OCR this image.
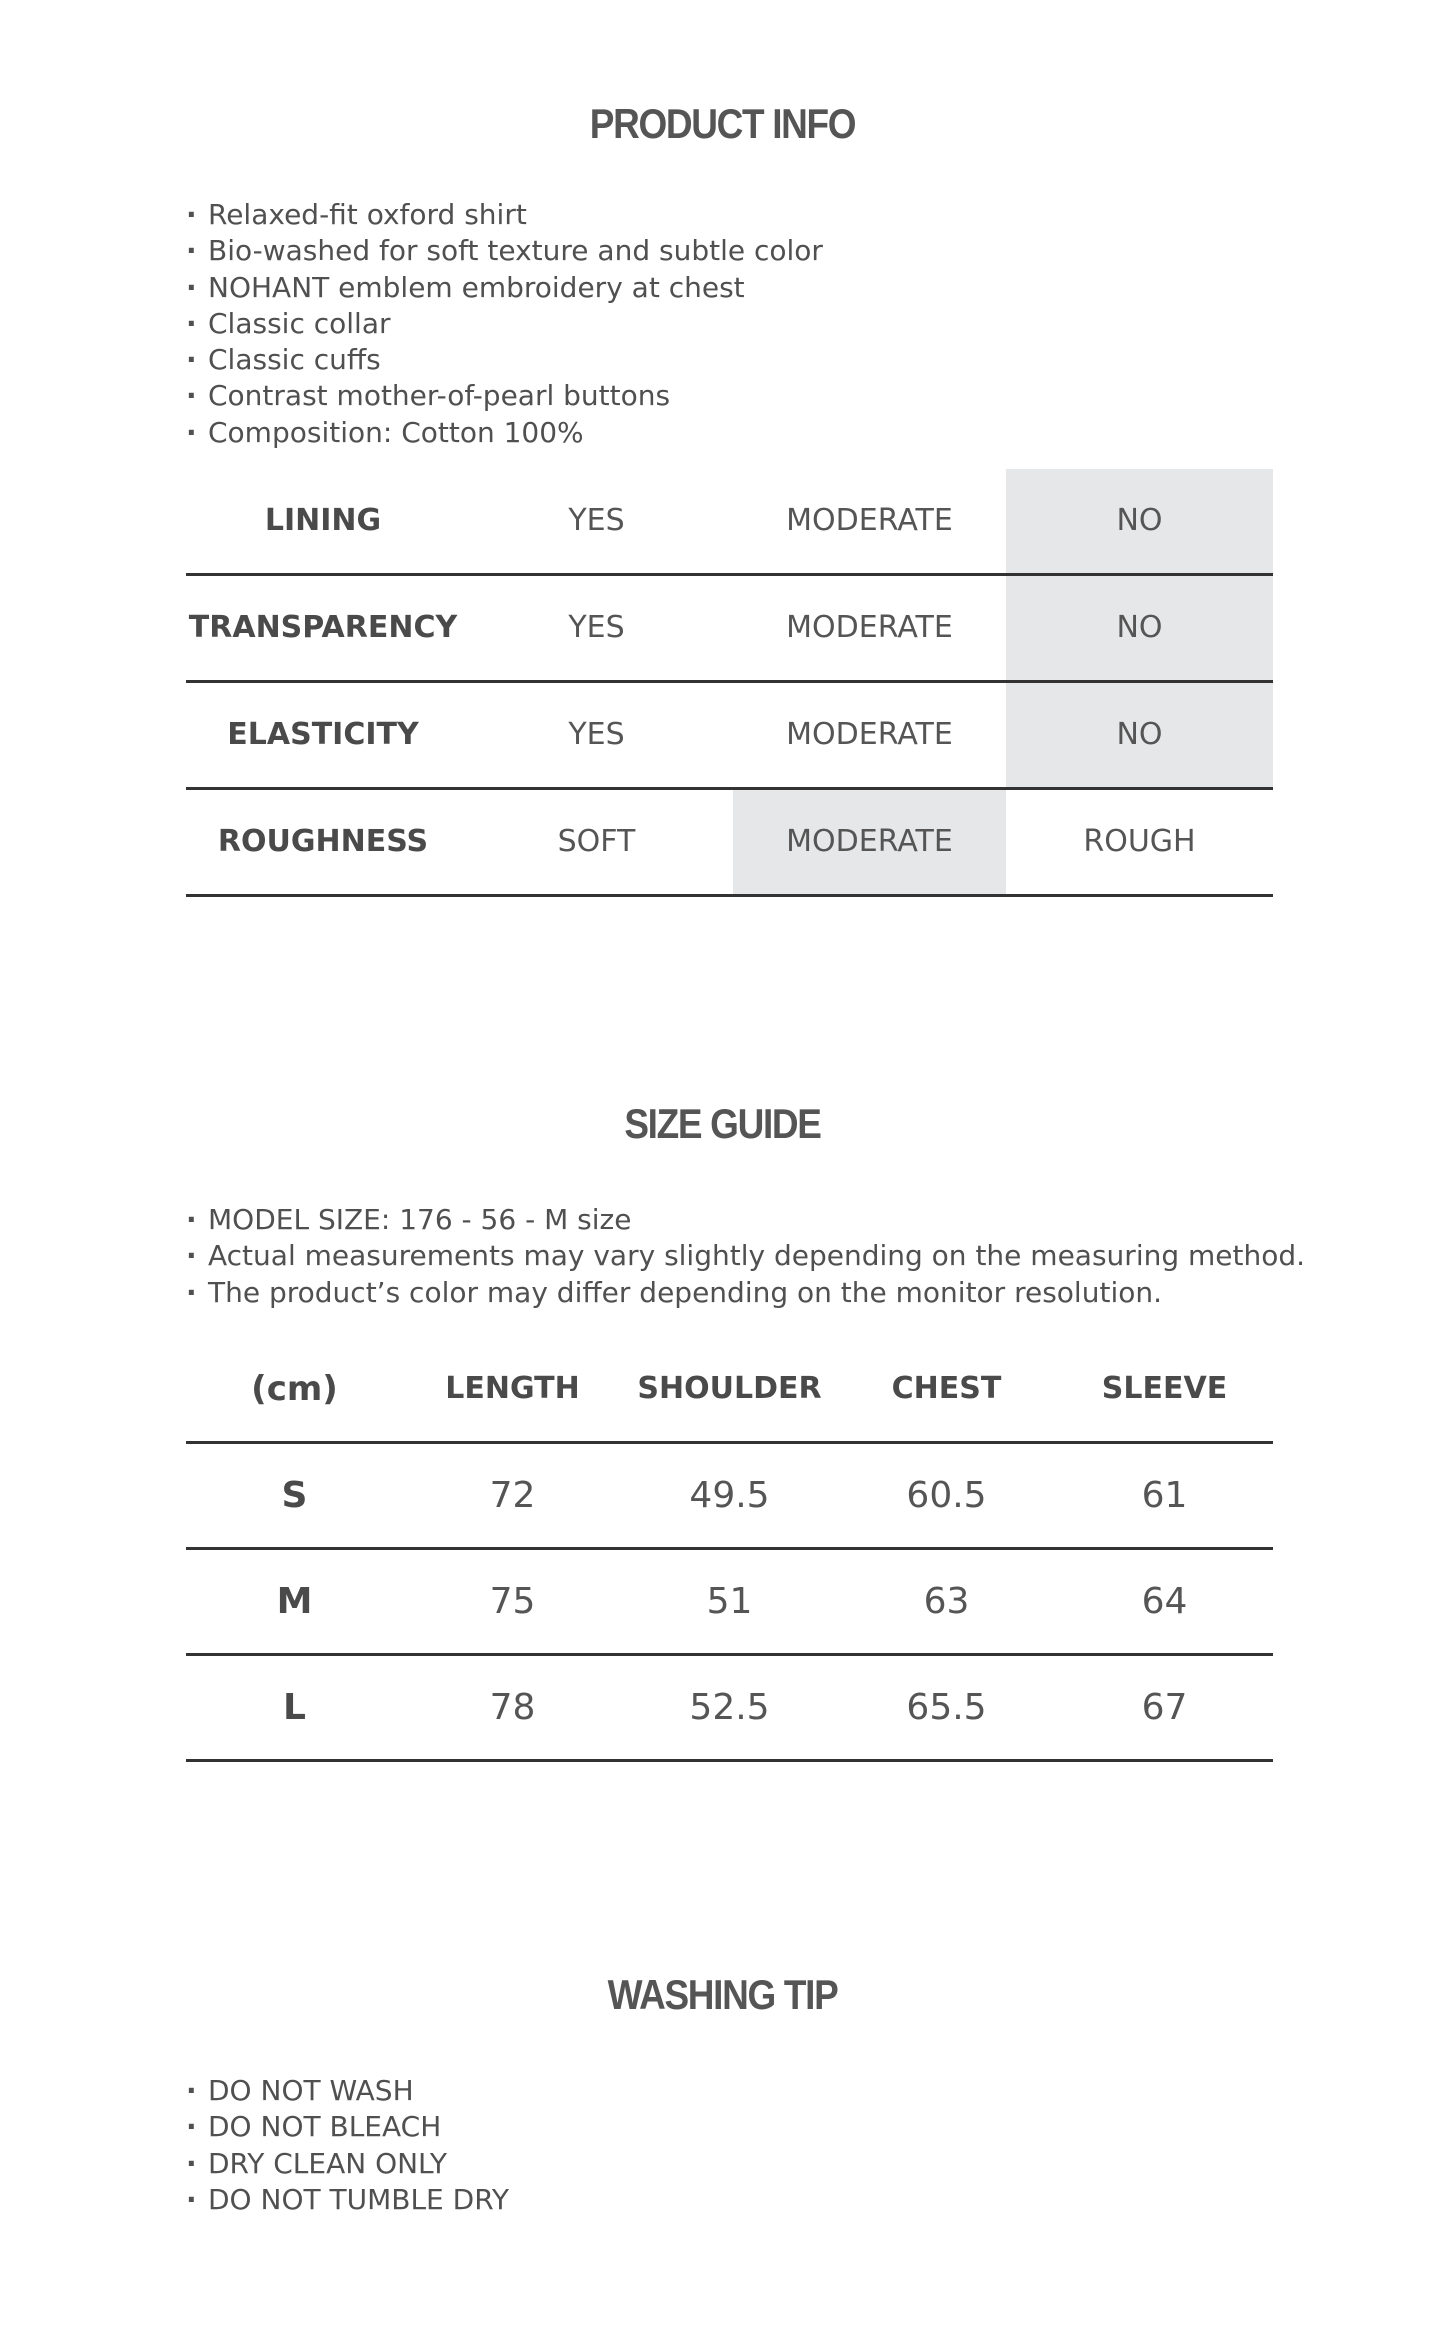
PRODUCT INFO
· Relaxed-fit oxford shirt
· Bio-washed for soft texture and subtle color
· NOHANT emblem embroidery at chest
· Classic collar
· Classic cuffs
· Contrast mother-of-pearl buttons
· Composition: Cotton 100%
LINING	YES	MODERATE	NO
TRANSPARENCY	YES	MODERATE	NO
ELASTICITY	YES	MODERATE	NO
ROUGHNESS	SOFT	MODERATE	ROUGH
SIZE GUIDE
· MODEL SIZE: 176 - 56 - M size
· Actual measurements may vary slightly depending on the measuring method.
· The product’s color may differ depending on the monitor resolution.
(cm)	LENGTH	SHOULDER	CHEST	SLEEVE
S	72	49.5	60.5	61
M	75	51	63	64
L	78	52.5	65.5	67
WASHING TIP
· DO NOT WASH
· DO NOT BLEACH
· DRY CLEAN ONLY
· DO NOT TUMBLE DRY
